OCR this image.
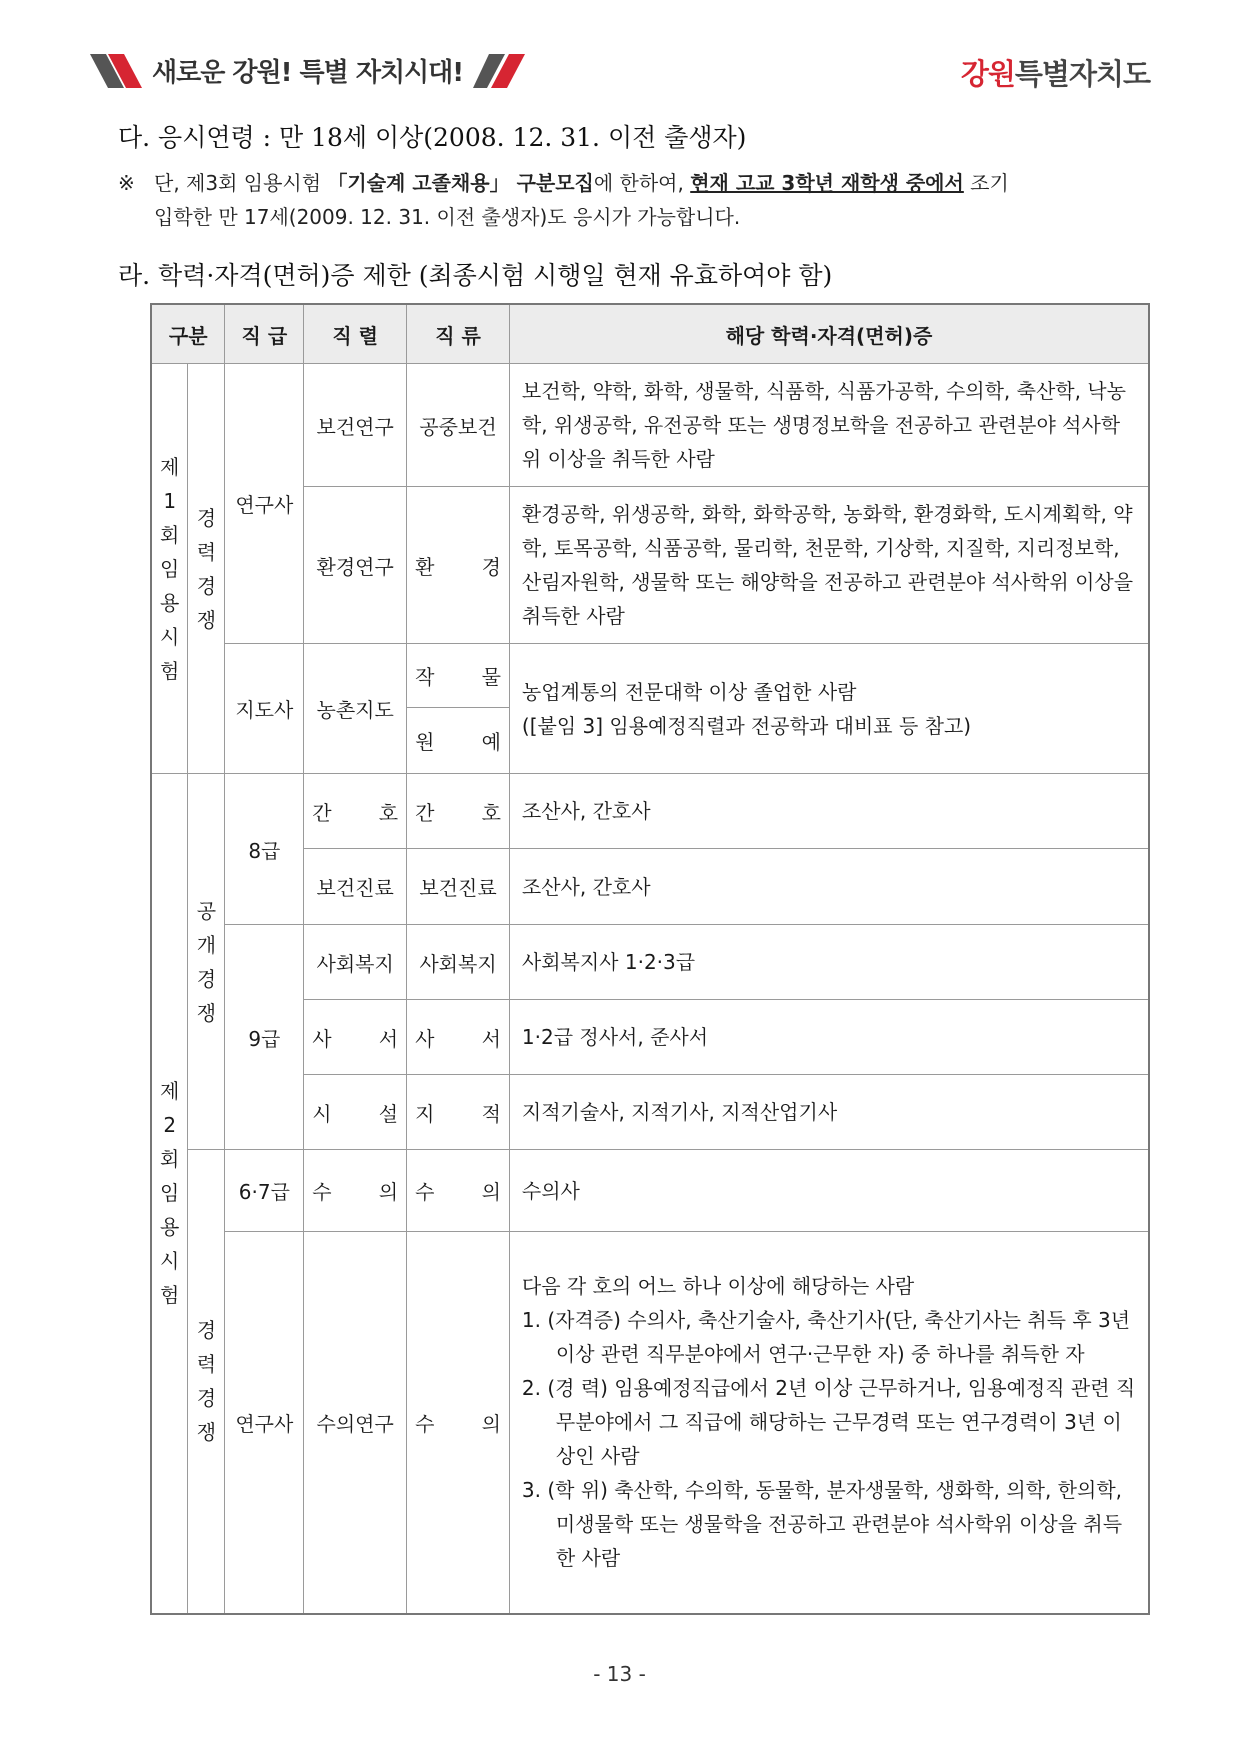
새로운 강원! 특별 자치시대!	강원특별자치도
다. 응시연령 : 만 18세 이상(2008. 12. 31. 이전 출생자)
※ 단, 제3회 임용시험 「기술계 고졸채용」 구분모집에 한하여, 현재 고교 3학년 재학생 중에서 조기
입학한 만 17세(2009. 12. 31. 이전 출생자)도 응시가 가능합니다.
라. 학력·자격(면허)증 제한 (최종시험 시행일 현재 유효하여야 함)
구분		직 급	직 렬	직 류	해당 학력·자격(면허)증

제1회 임용시험	경력경쟁	연구사	보건연구	공중보건	보건학, 약학, 화학, 생물학, 식품학, 식품가공학, 수의학, 축산학, 낙농학, 위생공학, 유전공학 또는 생명정보학을 전공하고 관련분야 석사학위 이상을 취득한 사람
			환경연구	환 경	환경공학, 위생공학, 화학, 화학공학, 농화학, 환경화학, 도시계획학, 약학, 토목공학, 식품공학, 물리학, 천문학, 기상학, 지질학, 지리정보학, 산림자원학, 생물학 또는 해양학을 전공하고 관련분야 석사학위 이상을 취득한 사람
		지도사	농촌지도	작 물	농업계통의 전문대학 이상 졸업한 사람
([붙임 3] 임용예정직렬과 전공학과 대비표 등 참고)

				원 예	

제2회 임용시험	공개경쟁	8급	간 호	간 호	조산사, 간호사
			보건진료	보건진료	조산사, 간호사
		9급	사회복지	사회복지	사회복지사 1·2·3급
			사 서	사 서	1·2급 정사서, 준사서
			시 설	지 적	지적기술사, 지적기사, 지적산업기사

	경력경쟁	6·7급	수 의	수 의	수의사
		연구사	수의연구	수 의	다음 각 호의 어느 하나 이상에 해당하는 사람
1. (자격증) 수의사, 축산기술사, 축산기사(단, 축산기사는 취득 후 3년이상 관련 직무분야에서 연구·근무한 자) 중 하나를 취득한 자
2. (경 력) 임용예정직급에서 2년 이상 근무하거나, 임용예정직 관련 직무분야에서 그 직급에 해당하는 근무경력 또는 연구경력이 3년 이상인 사람
3. (학 위) 축산학, 수의학, 동물학, 분자생물학, 생화학, 의학, 한의학, 미생물학 또는 생물학을 전공하고 관련분야 석사학위 이상을 취득한 사람
- 13 -
